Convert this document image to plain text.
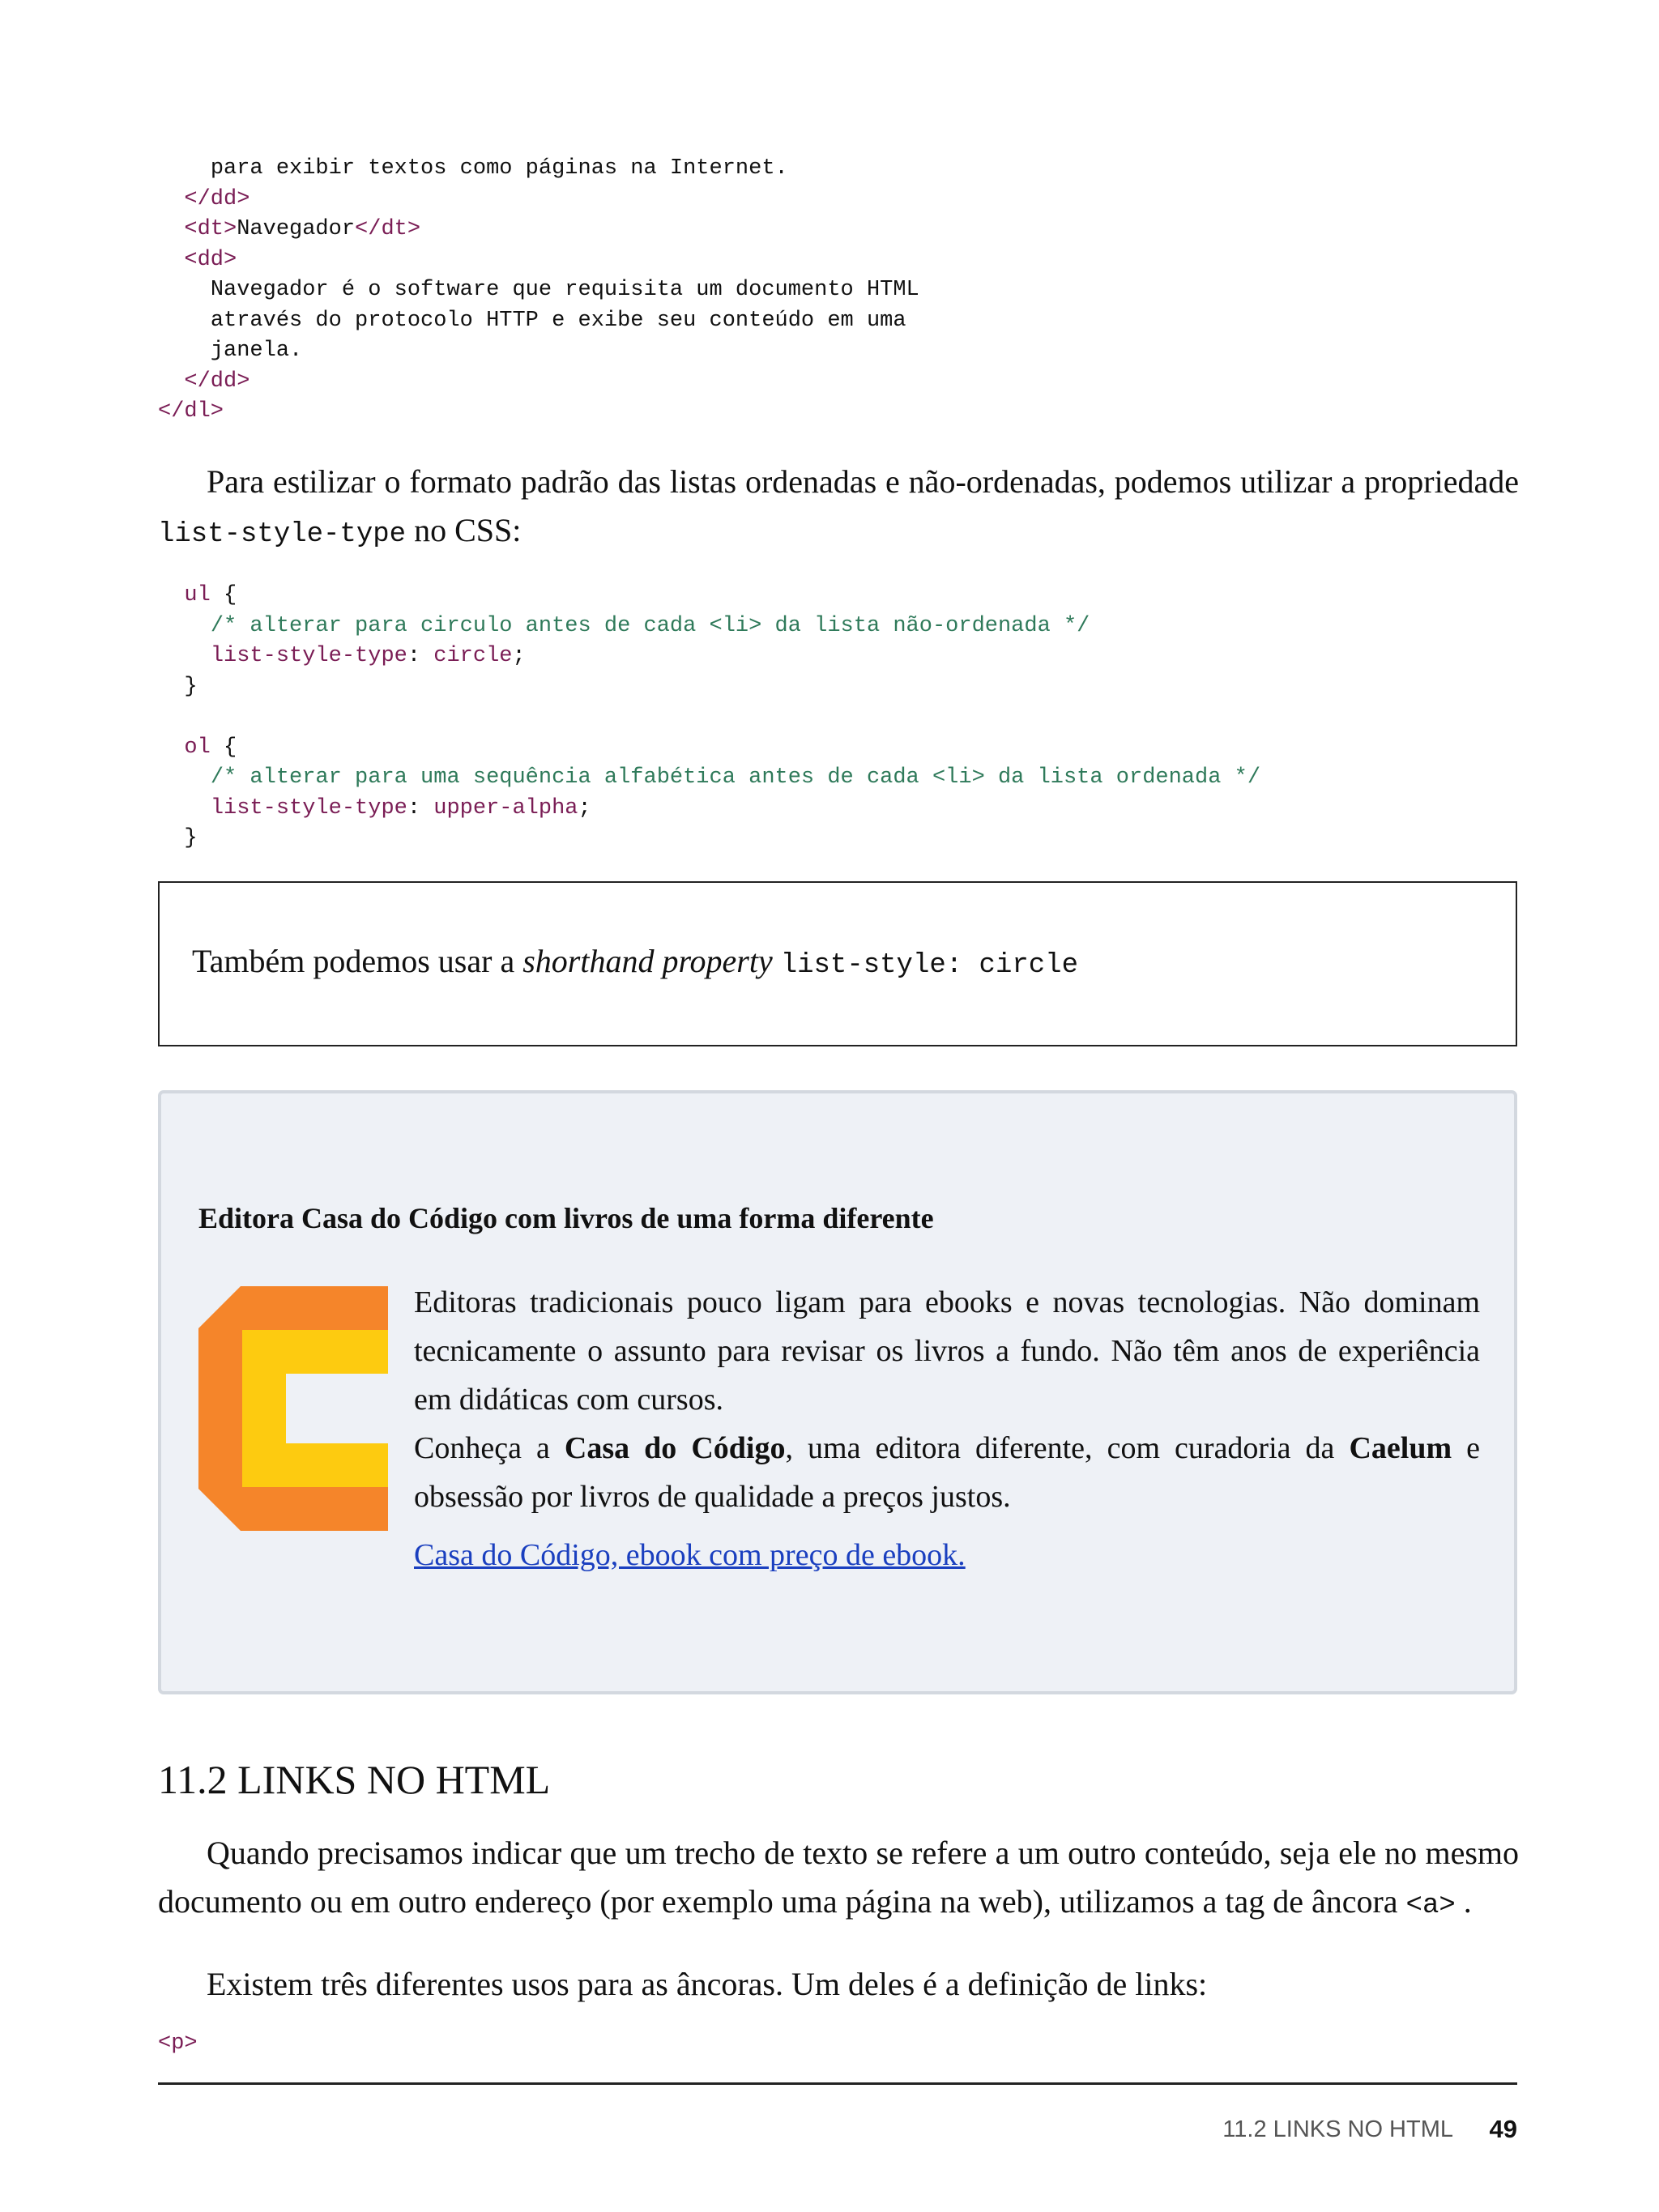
para exibir textos como páginas na Internet.
</dd>
<dt>Navegador</dt>
<dd>
Navegador é o software que requisita um documento HTML
através do protocolo HTTP e exibe seu conteúdo em uma
janela.
</dd>
</dl>

Para estilizar o formato padrão das listas ordenadas e não-ordenadas, podemos utilizar a propriedade list-style-type no CSS:

ul {
/* alterar para circulo antes de cada <li> da lista não-ordenada */
list-style-type: circle;
}

ol {
/* alterar para uma sequência alfabética antes de cada <li> da lista ordenada */
list-style-type: upper-alpha;
}

Também podemos usar a shorthand property list-style: circle

Editora Casa do Código com livros de uma forma diferente

Editoras tradicionais pouco ligam para ebooks e novas tecnologias. Não dominam tecnicamente o assunto para revisar os livros a fundo. Não têm anos de experiência em didáticas com cursos.
Conheça a Casa do Código, uma editora diferente, com curadoria da Caelum e obsessão por livros de qualidade a preços justos.

Casa do Código, ebook com preço de ebook.
11.2 LINKS NO HTML

Quando precisamos indicar que um trecho de texto se refere a um outro conteúdo, seja ele no mesmo documento ou em outro endereço (por exemplo uma página na web), utilizamos a tag de âncora <a> .

Existem três diferentes usos para as âncoras. Um deles é a definição de links:

<p>
11.2 LINKS NO HTML 49
